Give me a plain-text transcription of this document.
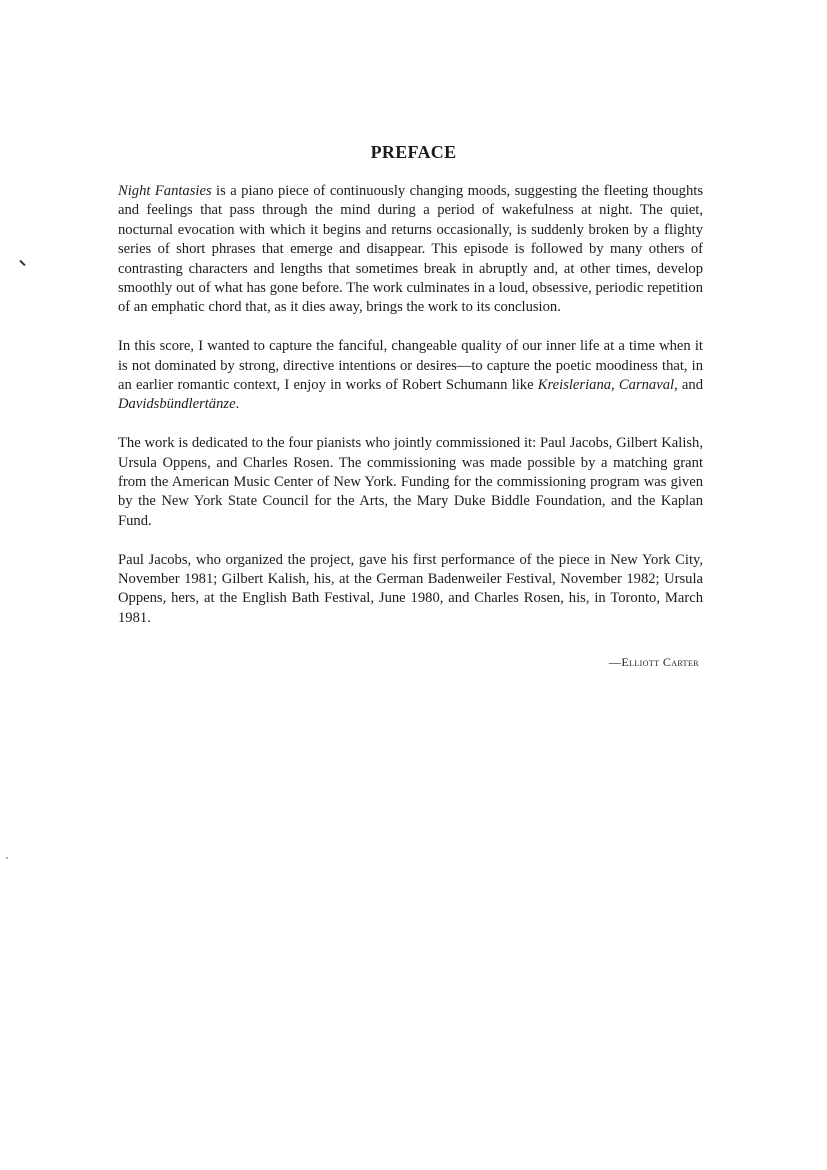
PREFACE

Night Fantasies is a piano piece of continuously changing moods, suggesting the fleeting thoughts and feelings that pass through the mind during a period of wakefulness at night. The quiet, nocturnal evocation with which it begins and returns occasionally, is suddenly broken by a flighty series of short phrases that emerge and disappear. This episode is followed by many others of contrasting characters and lengths that sometimes break in abruptly and, at other times, develop smoothly out of what has gone before. The work culminates in a loud, obsessive, periodic repetition of an emphatic chord that, as it dies away, brings the work to its conclusion.

In this score, I wanted to capture the fanciful, changeable quality of our inner life at a time when it is not dominated by strong, directive intentions or desires—to capture the poetic moodiness that, in an earlier romantic context, I enjoy in works of Robert Schumann like Kreisleriana, Carnaval, and Davidsbündlertänze.

The work is dedicated to the four pianists who jointly commissioned it: Paul Jacobs, Gilbert Kalish, Ursula Oppens, and Charles Rosen. The commissioning was made possible by a matching grant from the American Music Center of New York. Funding for the commissioning program was given by the New York State Council for the Arts, the Mary Duke Biddle Foundation, and the Kaplan Fund.

Paul Jacobs, who organized the project, gave his first performance of the piece in New York City, November 1981; Gilbert Kalish, his, at the German Badenweiler Festival, November 1982; Ursula Oppens, hers, at the English Bath Festival, June 1980, and Charles Rosen, his, in Toronto, March 1981.

—Elliott Carter
